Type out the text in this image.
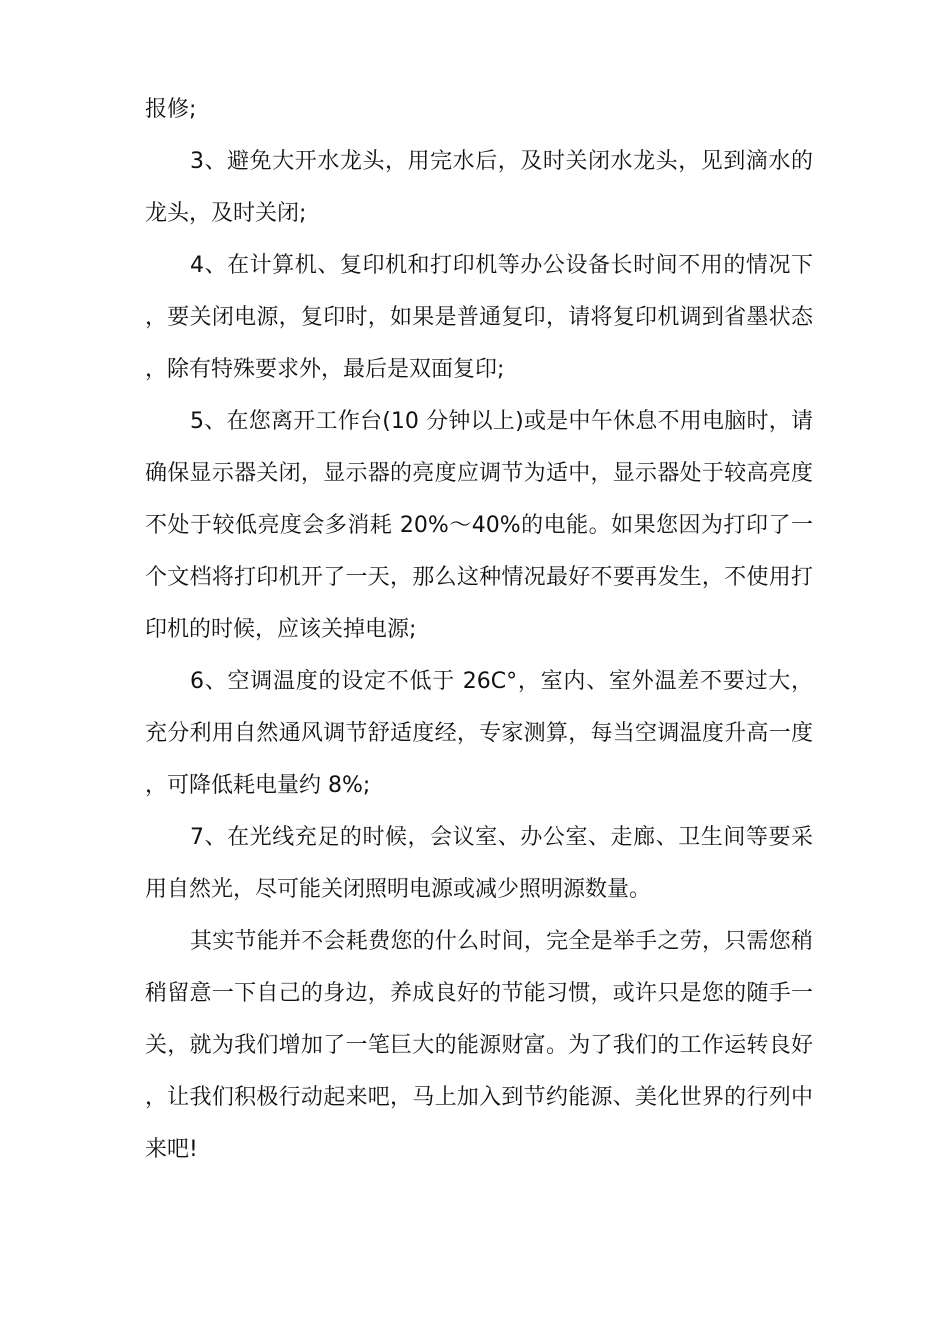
报修;

3、避免大开水龙头，用完水后，及时关闭水龙头，见到滴水的龙头，及时关闭;

4、在计算机、复印机和打印机等办公设备长时间不用的情况下，要关闭电源，复印时，如果是普通复印，请将复印机调到省墨状态，除有特殊要求外，最后是双面复印;

5、在您离开工作台(10 分钟以上)或是中午休息不用电脑时，请确保显示器关闭，显示器的亮度应调节为适中，显示器处于较高亮度不处于较低亮度会多消耗 20%～40%的电能。如果您因为打印了一个文档将打印机开了一天，那么这种情况最好不要再发生，不使用打印机的时候，应该关掉电源;

6、空调温度的设定不低于 26C°，室内、室外温差不要过大，充分利用自然通风调节舒适度经，专家测算，每当空调温度升高一度，可降低耗电量约 8%;

7、在光线充足的时候，会议室、办公室、走廊、卫生间等要采用自然光，尽可能关闭照明电源或减少照明源数量。

其实节能并不会耗费您的什么时间，完全是举手之劳，只需您稍稍留意一下自己的身边，养成良好的节能习惯，或许只是您的随手一关，就为我们增加了一笔巨大的能源财富。为了我们的工作运转良好，让我们积极行动起来吧，马上加入到节约能源、美化世界的行列中来吧!
